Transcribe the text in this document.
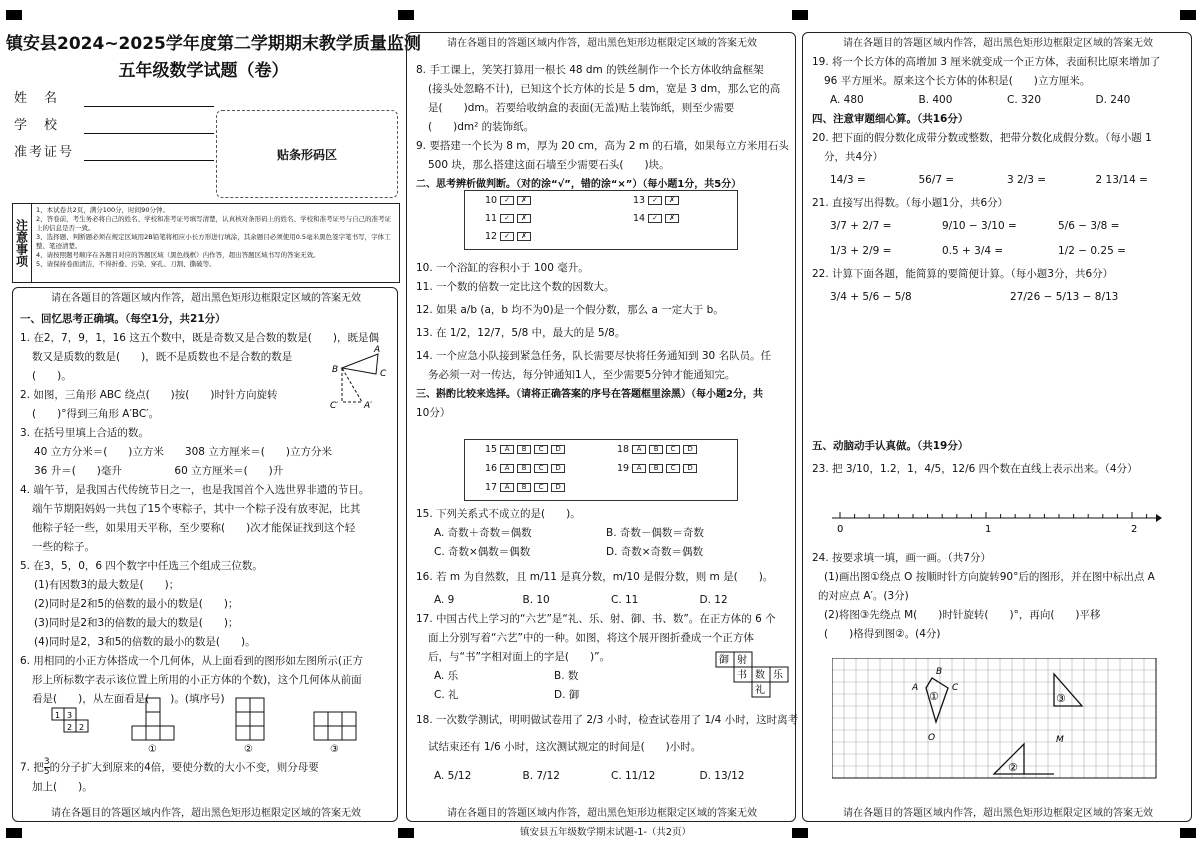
镇安县2024~2025学年度第二学期期末教学质量监测
五年级数学试题（卷）
姓　名
学　校
准考证号	贴条形码区
注意事项
1、本试卷共2页，满分100分，时间90分钟。
2、答卷前，考生务必将自己的姓名、学校和准考证号填写清楚，认真核对条形码上的姓名、学校和准考证号与自己的准考证上的信息是否一致。
3、选择题、判断题必须在规定区域用2B铅笔将相应小长方形进行填涂，其余题目必须使用0.5毫米黑色签字笔书写，字体工整、笔迹清楚。
4、请按照题号顺序在各题目对应的答题区域（黑色线框）内作答，超出答题区域书写的答案无效。
5、请保持卷面清洁，不得折叠、污染、穿孔、刀割、撕破等。
请在各题目的答题区域内作答，超出黑色矩形边框限定区域的答案无效
一、回忆思考正确填。（每空1分，共21分）
1. 在2，7，9，1，16 这五个数中，既是奇数又是合数的数是(　　)，既是偶
数又是质数的数是(　　)，既不是质数也不是合数的数是
(　　)。
2. 如图，三角形 ABC 绕点(　　)按(　　)时针方向旋转
(　　)°得到三角形 A′BC′。
3. 在括号里填上合适的数。
40 立方分米＝(　　)立方米　　308 立方厘米＝(　　)立方分米
36 升＝(　　)毫升　　　　　60 立方厘米＝(　　)升
4. 端午节，是我国古代传统节日之一，也是我国首个入选世界非遗的节日。
端午节期阳妈妈一共包了15个枣粽子，其中一个粽子没有放枣泥，比其
他粽子轻一些，如果用天平称，至少要称(　　)次才能保证找到这个轻
一些的粽子。
5. 在3，5，0，6 四个数字中任选三个组成三位数。
(1)有因数3的最大数是(　　)；
(2)同时是2和5的倍数的最小的数是(　　)；
(3)同时是2和3的倍数的最大的数是(　　)；
(4)同时是2，3和5的倍数的最小的数是(　　)。
6. 用相同的小正方体搭成一个几何体，从上面看到的图形如左图所示(正方
形上所标数字表示该位置上所用的小正方体的个数)，这个几何体从前面
看是(　　)，从左面看是(　　)。(填序号)
A
B	C
C′	A′
1 3
2 2
①	②	③
7. 把 $\frac{3}{5}$ 的分子扩大到原来的4倍，要使分数的大小不变，则分母要
加上(　　)。
请在各题目的答题区域内作答，超出黑色矩形边框限定区域的答案无效
请在各题目的答题区域内作答，超出黑色矩形边框限定区域的答案无效
8. 手工课上，笑笑打算用一根长 48 dm 的铁丝制作一个长方体收纳盒框架
(接头处忽略不计)，已知这个长方体的长是 5 dm，宽是 3 dm，那么它的高
是(　　)dm。若要给收纳盒的表面(无盖)贴上装饰纸，则至少需要
(　　)dm² 的装饰纸。
9. 要搭建一个长为 8 m，厚为 20 cm，高为 2 m 的石墙，如果每立方米用石头
500 块，那么搭建这面石墙至少需要石头(　　)块。
二、思考辨析做判断。（对的涂“√”，错的涂“×”）（每小题1分，共5分）
10 ✓ ✗
11 ✓ ✗
12 ✓ ✗
13 ✓ ✗
14 ✓ ✗
10. 一个浴缸的容积小于 100 毫升。
11. 一个数的倍数一定比这个数的因数大。
12. 如果 a/b (a，b 均不为0)是一个假分数，那么 a 一定大于 b。
13. 在 1/2，12/7，5/8 中，最大的是 5/8。
14. 一个应急小队接到紧急任务，队长需要尽快将任务通知到 30 名队员。任
务必须一对一传达，每分钟通知1人，至少需要5分钟才能通知完。
三、斟酌比较来选择。（请将正确答案的序号在答题框里涂黑）（每小题2分，共
10分）
15 A B C D
16 A B C D
17 A B C D
18 A B C D
19 A B C D
15. 下列关系式不成立的是(　　)。
A. 奇数＋奇数＝偶数	B. 奇数－偶数＝奇数
C. 奇数×偶数＝偶数	D. 奇数×奇数＝偶数
16. 若 m 为自然数，且 m/11 是真分数，m/10 是假分数，则 m 是(　　)。
A. 9	B. 10	C. 11	D. 12
17. 中国古代上学习的“六艺”是“礼、乐、射、御、书、数”。在正方体的 6 个
面上分别写着“六艺”中的一种。如图，将这个展开图折叠成一个正方体
后，与“书”字相对面上的字是(　　)”。
A. 乐	B. 数
C. 礼	D. 御
18. 一次数学测试，明明做试卷用了 2/3 小时，检查试卷用了 1/4 小时，这时离考
试结束还有 1/6 小时，这次测试规定的时间是(　　)小时。
A. 5/12	B. 7/12	C. 11/12	D. 13/12
御 射
书 数 乐
礼
请在各题目的答题区域内作答，超出黑色矩形边框限定区域的答案无效
请在各题目的答题区域内作答，超出黑色矩形边框限定区域的答案无效
19. 将一个长方体的高增加 3 厘米就变成一个正方体，表面积比原来增加了
96 平方厘米。原来这个长方体的体积是(　　)立方厘米。
A. 480	B. 400	C. 320	D. 240
四、注意审题细心算。（共16分）
20. 把下面的假分数化成带分数或整数，把带分数化成假分数。（每小题 1
分，共4分）
14/3 =	56/7 =	3 2/3 =	2 13/14 =
21. 直接写出得数。（每小题1分，共6分）
3/7 + 2/7 =	9/10 − 3/10 =	5/6 − 3/8 =
1/3 + 2/9 =	0.5 + 3/4 =	1/2 − 0.25 =
22. 计算下面各题，能简算的要简便计算。（每小题3分，共6分）
3/4 + 5/6 − 5/8	27/26 − 5/13 − 8/13
五、动脑动手认真做。（共19分）
23. 把 3/10，1.2，1，4/5，12/6 四个数在直线上表示出来。（4分）
0	1	2
24. 按要求填一填，画一画。（共7分）
(1)画出图①绕点 O 按顺时针方向旋转90°后的图形，并在图中标出点 A
的对应点 A′。(3分)
(2)将图③先绕点 M(　　)时针旋转(　　)°，再向(　　)平移
(　　)格得到图②。(4分)
B
A	C
O
①	③
M
②
请在各题目的答题区域内作答，超出黑色矩形边框限定区域的答案无效
镇安县五年级数学期末试题-1-（共2页）
